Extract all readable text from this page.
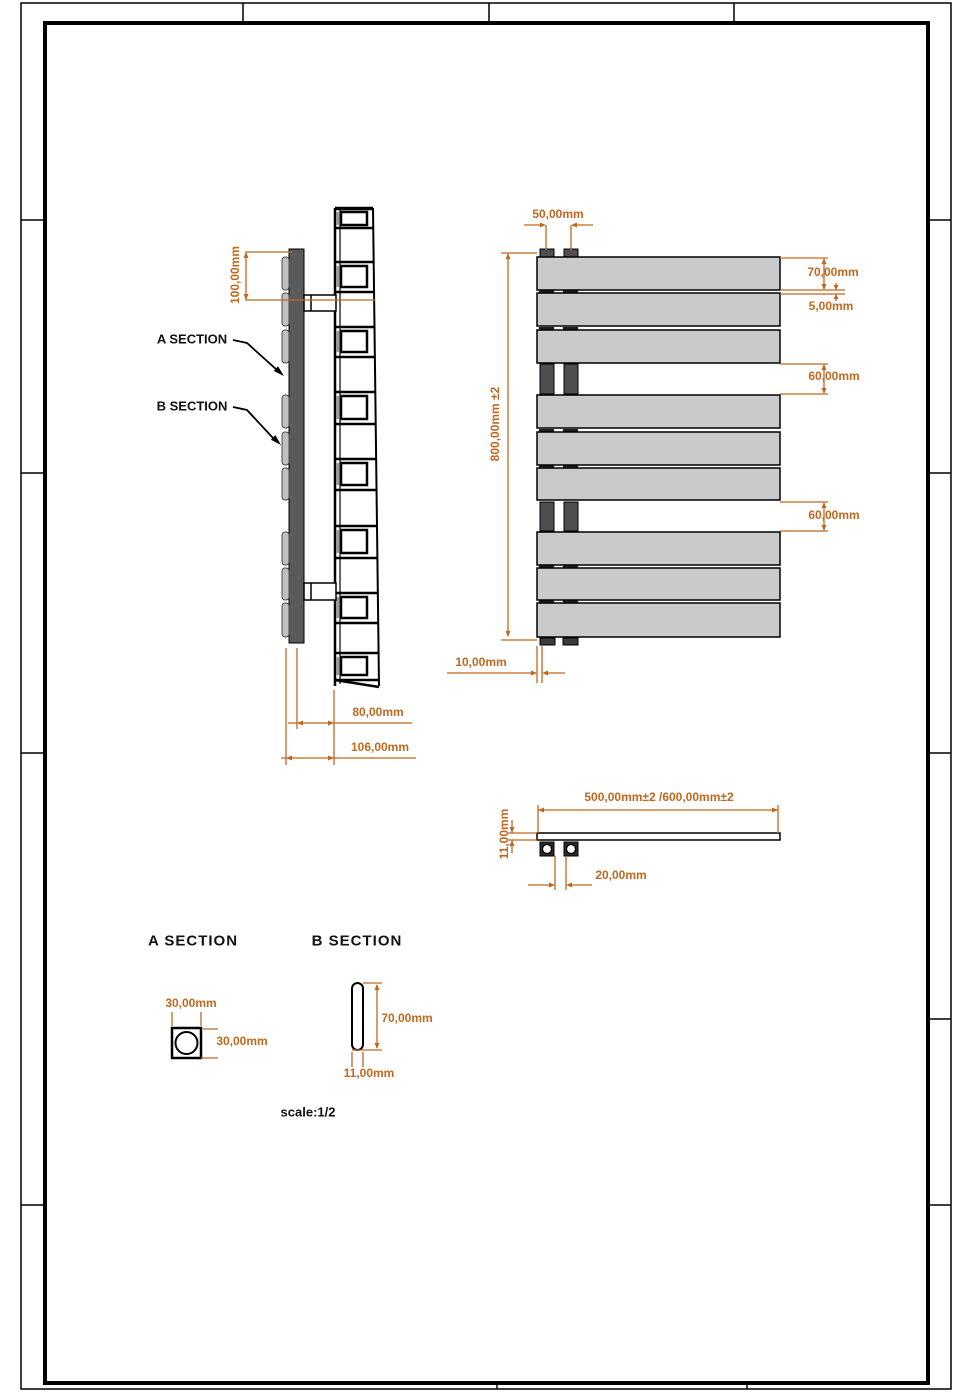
100,00mm
A SECTION
B SECTION
80,00mm
106,00mm
50,00mm
800,00mm ±2
70,00mm
5,00mm
60,00mm
60,00mm
10,00mm
500,00mm±2 /600,00mm±2
11,00mm
20,00mm
A SECTION	B SECTION
30,00mm
30,00mm
70,00mm
11,00mm
scale:1/2
